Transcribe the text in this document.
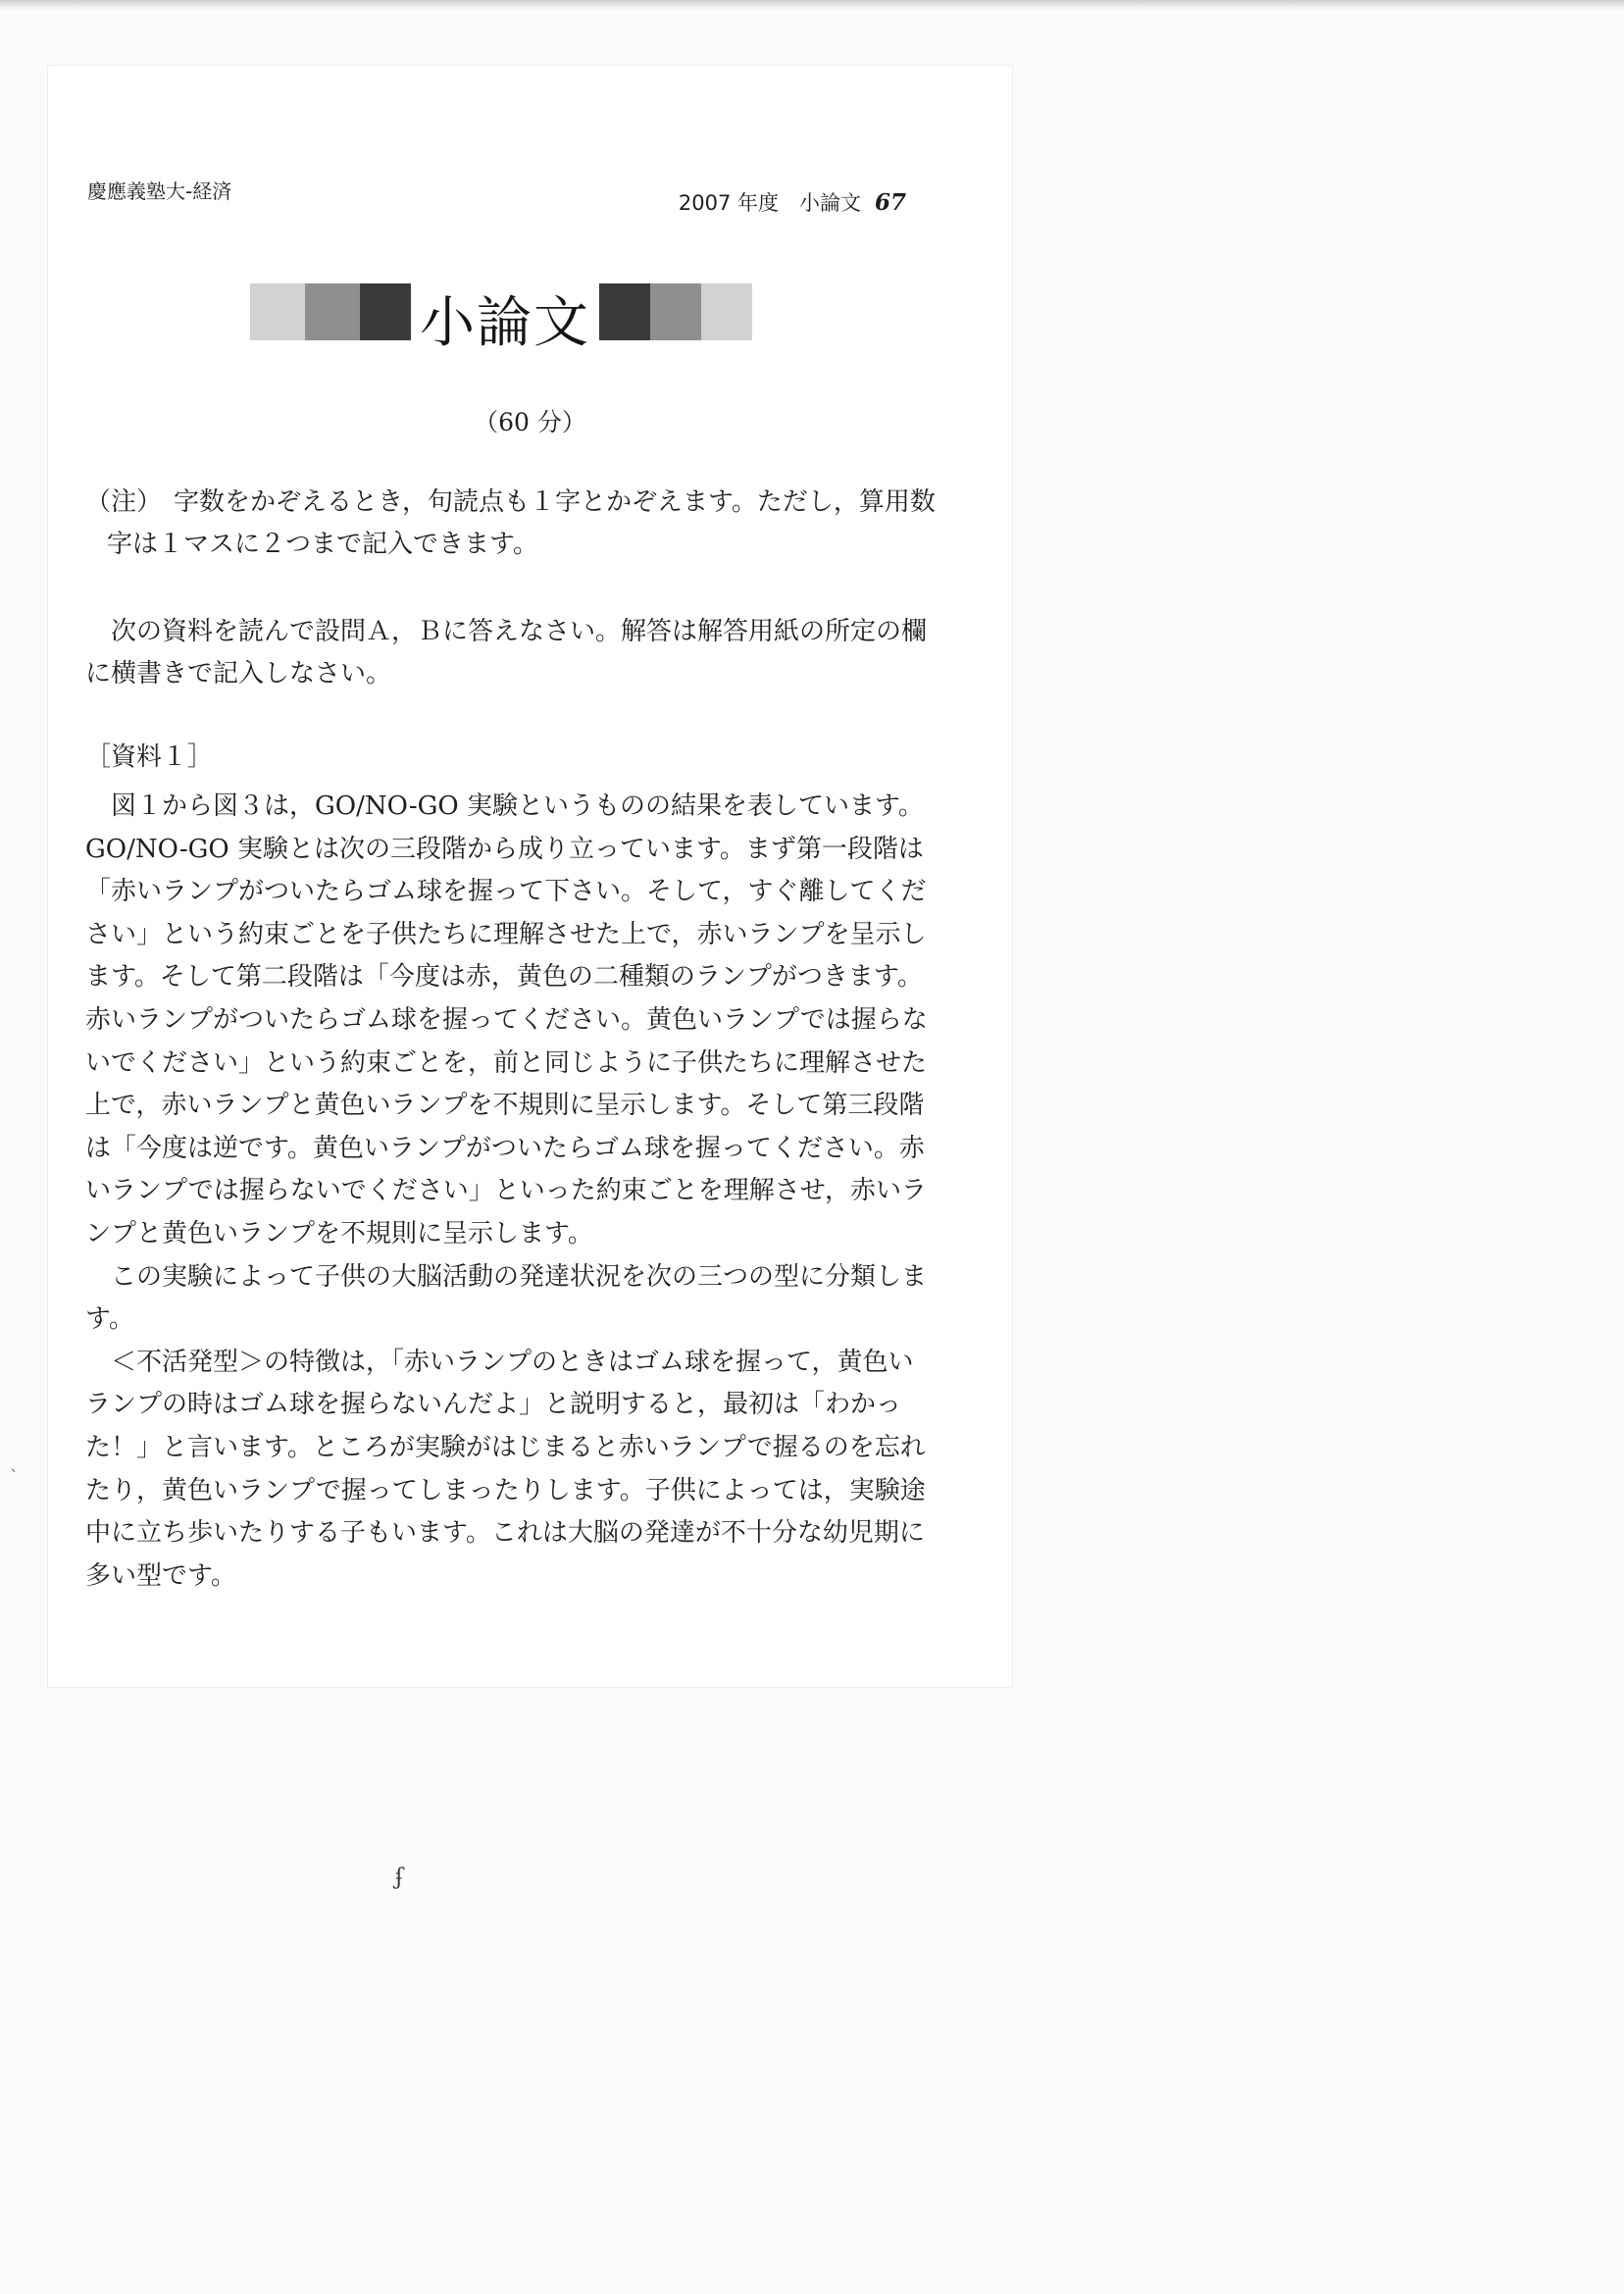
慶應義塾大-経済	2007 年度　小論文 67
小論文
（60 分）
（注） 字数をかぞえるとき，句読点も１字とかぞえます。ただし，算用数
字は１マスに２つまで記入できます。
次の資料を読んで設問Ａ，Ｂに答えなさい。解答は解答用紙の所定の欄
に横書きで記入しなさい。
［資料１］
図１から図３は，GO/NO-GO 実験というものの結果を表しています。
GO/NO-GO 実験とは次の三段階から成り立っています。まず第一段階は
「赤いランプがついたらゴム球を握って下さい。そして，すぐ離してくだ
さい」という約束ごとを子供たちに理解させた上で，赤いランプを呈示し
ます。そして第二段階は「今度は赤，黄色の二種類のランプがつきます。
赤いランプがついたらゴム球を握ってください。黄色いランプでは握らな
いでください」という約束ごとを，前と同じように子供たちに理解させた
上で，赤いランプと黄色いランプを不規則に呈示します。そして第三段階
は「今度は逆です。黄色いランプがついたらゴム球を握ってください。赤
いランプでは握らないでください」といった約束ごとを理解させ，赤いラ
ンプと黄色いランプを不規則に呈示します。
この実験によって子供の大脳活動の発達状況を次の三つの型に分類しま
す。
＜不活発型＞の特徴は，「赤いランプのときはゴム球を握って，黄色い
ランプの時はゴム球を握らないんだよ」と説明すると，最初は「わかっ
た！」と言います。ところが実験がはじまると赤いランプで握るのを忘れ
たり，黄色いランプで握ってしまったりします。子供によっては，実験途
中に立ち歩いたりする子もいます。これは大脳の発達が不十分な幼児期に
多い型です。
ʄ
ˋ
